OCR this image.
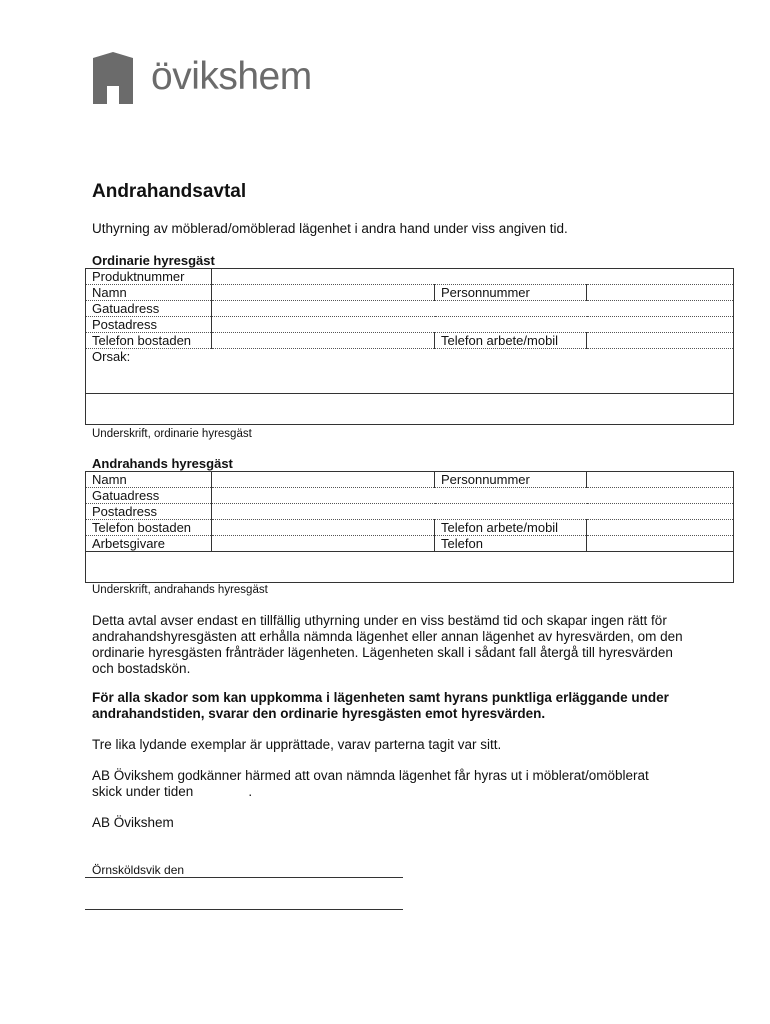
övikshem
Andrahandsavtal
Uthyrning av möblerad/omöblerad lägenhet i andra hand under viss angiven tid.
Ordinarie hyresgäst
Produktnummer			
Namn		Personnummer	
Gatuadress			
Postadress			
Telefon bostaden		Telefon arbete/mobil	
Orsak:			

Underskrift, ordinarie hyresgäst
Andrahands hyresgäst
Namn		Personnummer	
Gatuadress			
Postadress			
Telefon bostaden		Telefon arbete/mobil	
Arbetsgivare		Telefon	

Underskrift, andrahands hyresgäst

Detta avtal avser endast en tillfällig uthyrning under en viss bestämd tid och skapar ingen rätt för andrahandshyresgästen att erhålla nämnda lägenhet eller annan lägenhet av hyresvärden, om den ordinarie hyresgästen frånträder lägenheten. Lägenheten skall i sådant fall återgå till hyresvärden och bostadskön.

För alla skador som kan uppkomma i lägenheten samt hyrans punktliga erläggande under andrahandstiden, svarar den ordinarie hyresgästen emot hyresvärden.

Tre lika lydande exemplar är upprättade, varav parterna tagit var sitt.

AB Övikshem godkänner härmed att ovan nämnda lägenhet får hyras ut i möblerat/omöblerat
skick under tiden	.

AB Övikshem

Örnsköldsvik den
